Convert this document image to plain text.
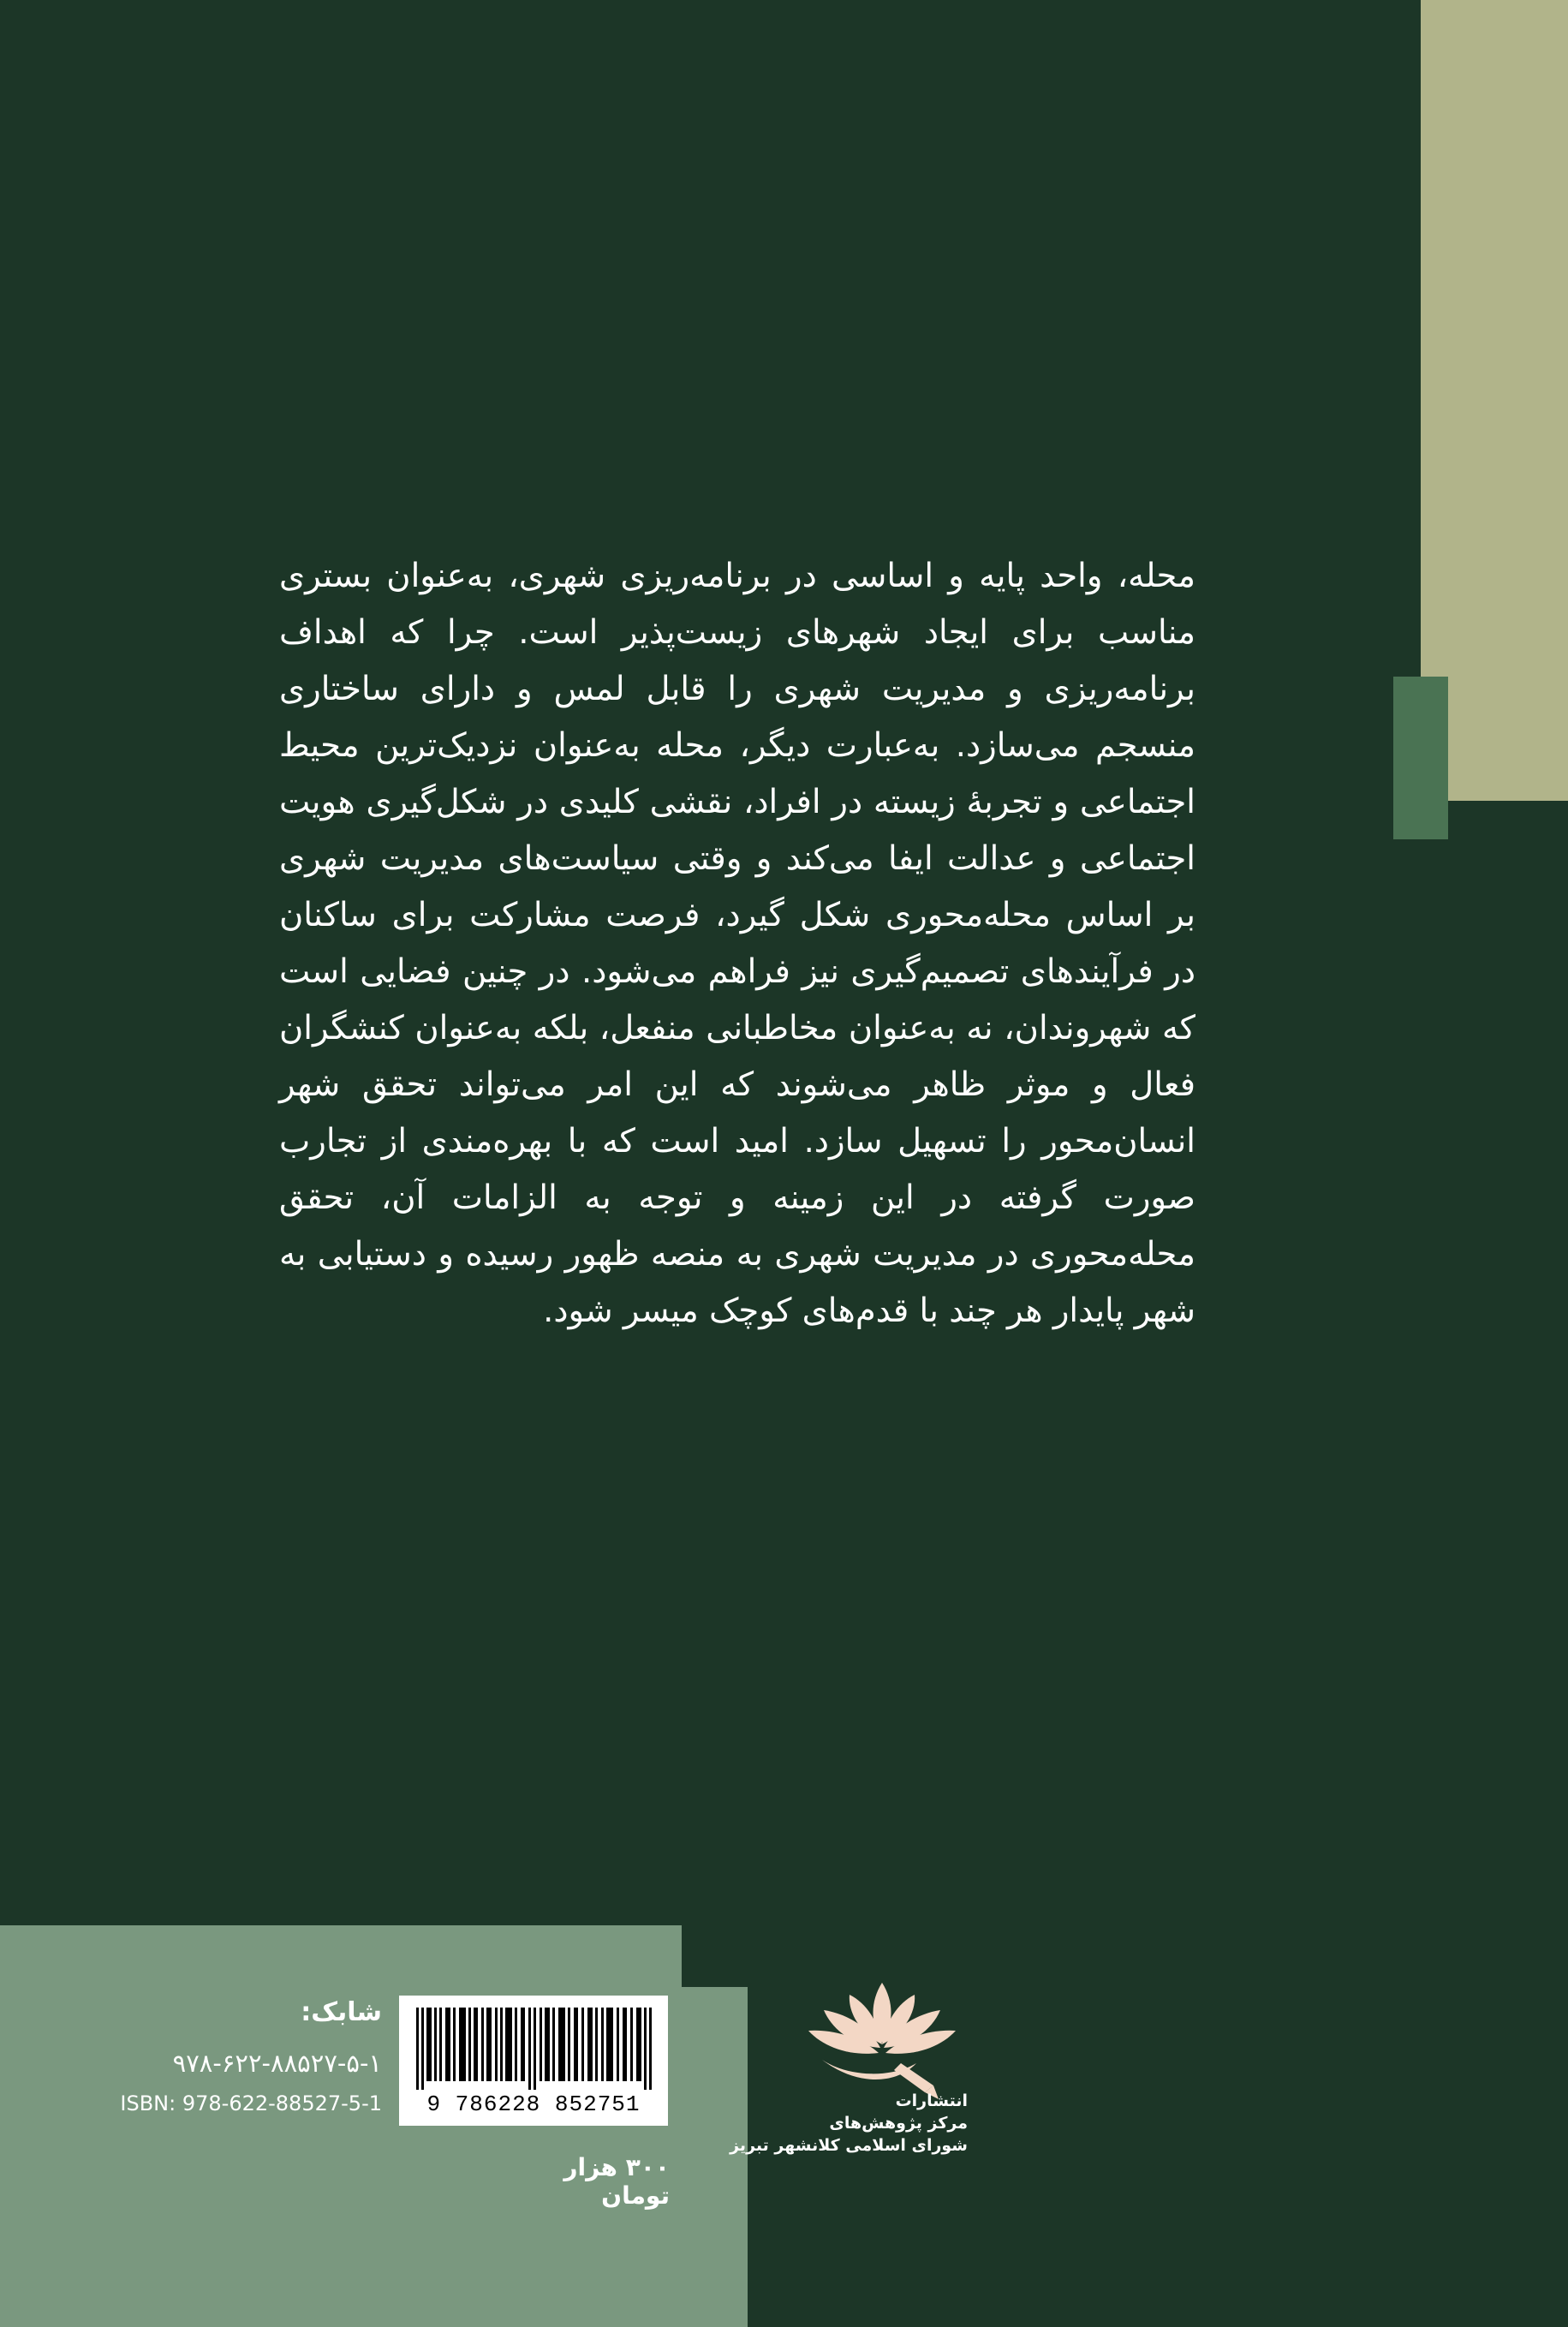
محله، واحد پایه و اساسی در برنامه‌ریزی شهری، به‌عنوان بستری مناسب برای ایجاد شهرهای زیست‌پذیر است. چرا که اهداف برنامه‌ریزی و مدیریت شهری را قابل لمس و دارای ساختاری منسجم می‌سازد. به‌عبارت دیگر، محله به‌عنوان نزدیک‌ترین محیط اجتماعی و تجربهٔ زیسته در افراد، نقشی کلیدی در شکل‌گیری هویت اجتماعی و عدالت ایفا می‌کند و وقتی سیاست‌های مدیریت شهری بر اساس محله‌محوری شکل گیرد، فرصت مشارکت برای ساکنان در فرآیندهای تصمیم‌گیری نیز فراهم می‌شود. در چنین فضایی است که شهروندان، نه به‌عنوان مخاطبانی منفعل، بلکه به‌عنوان کنشگران فعال و موثر ظاهر می‌شوند که این امر می‌تواند تحقق شهر انسان‌محور را تسهیل سازد. امید است که با بهره‌مندی از تجارب صورت گرفته در این زمینه و توجه به الزامات آن، تحقق محله‌محوری در مدیریت شهری به منصه ظهور رسیده و دستیابی به شهر پایدار هر چند با قدم‌های کوچک میسر شود.

شابک:
۹۷۸-۶۲۲-۸۸۵۲۷-۵-۱
ISBN: 978-622-88527-5-1	9 786228 852751
۳۰۰ هزار تومان
انتشارات
مرکز پژوهش‌های
شورای اسلامی کلانشهر تبریز
